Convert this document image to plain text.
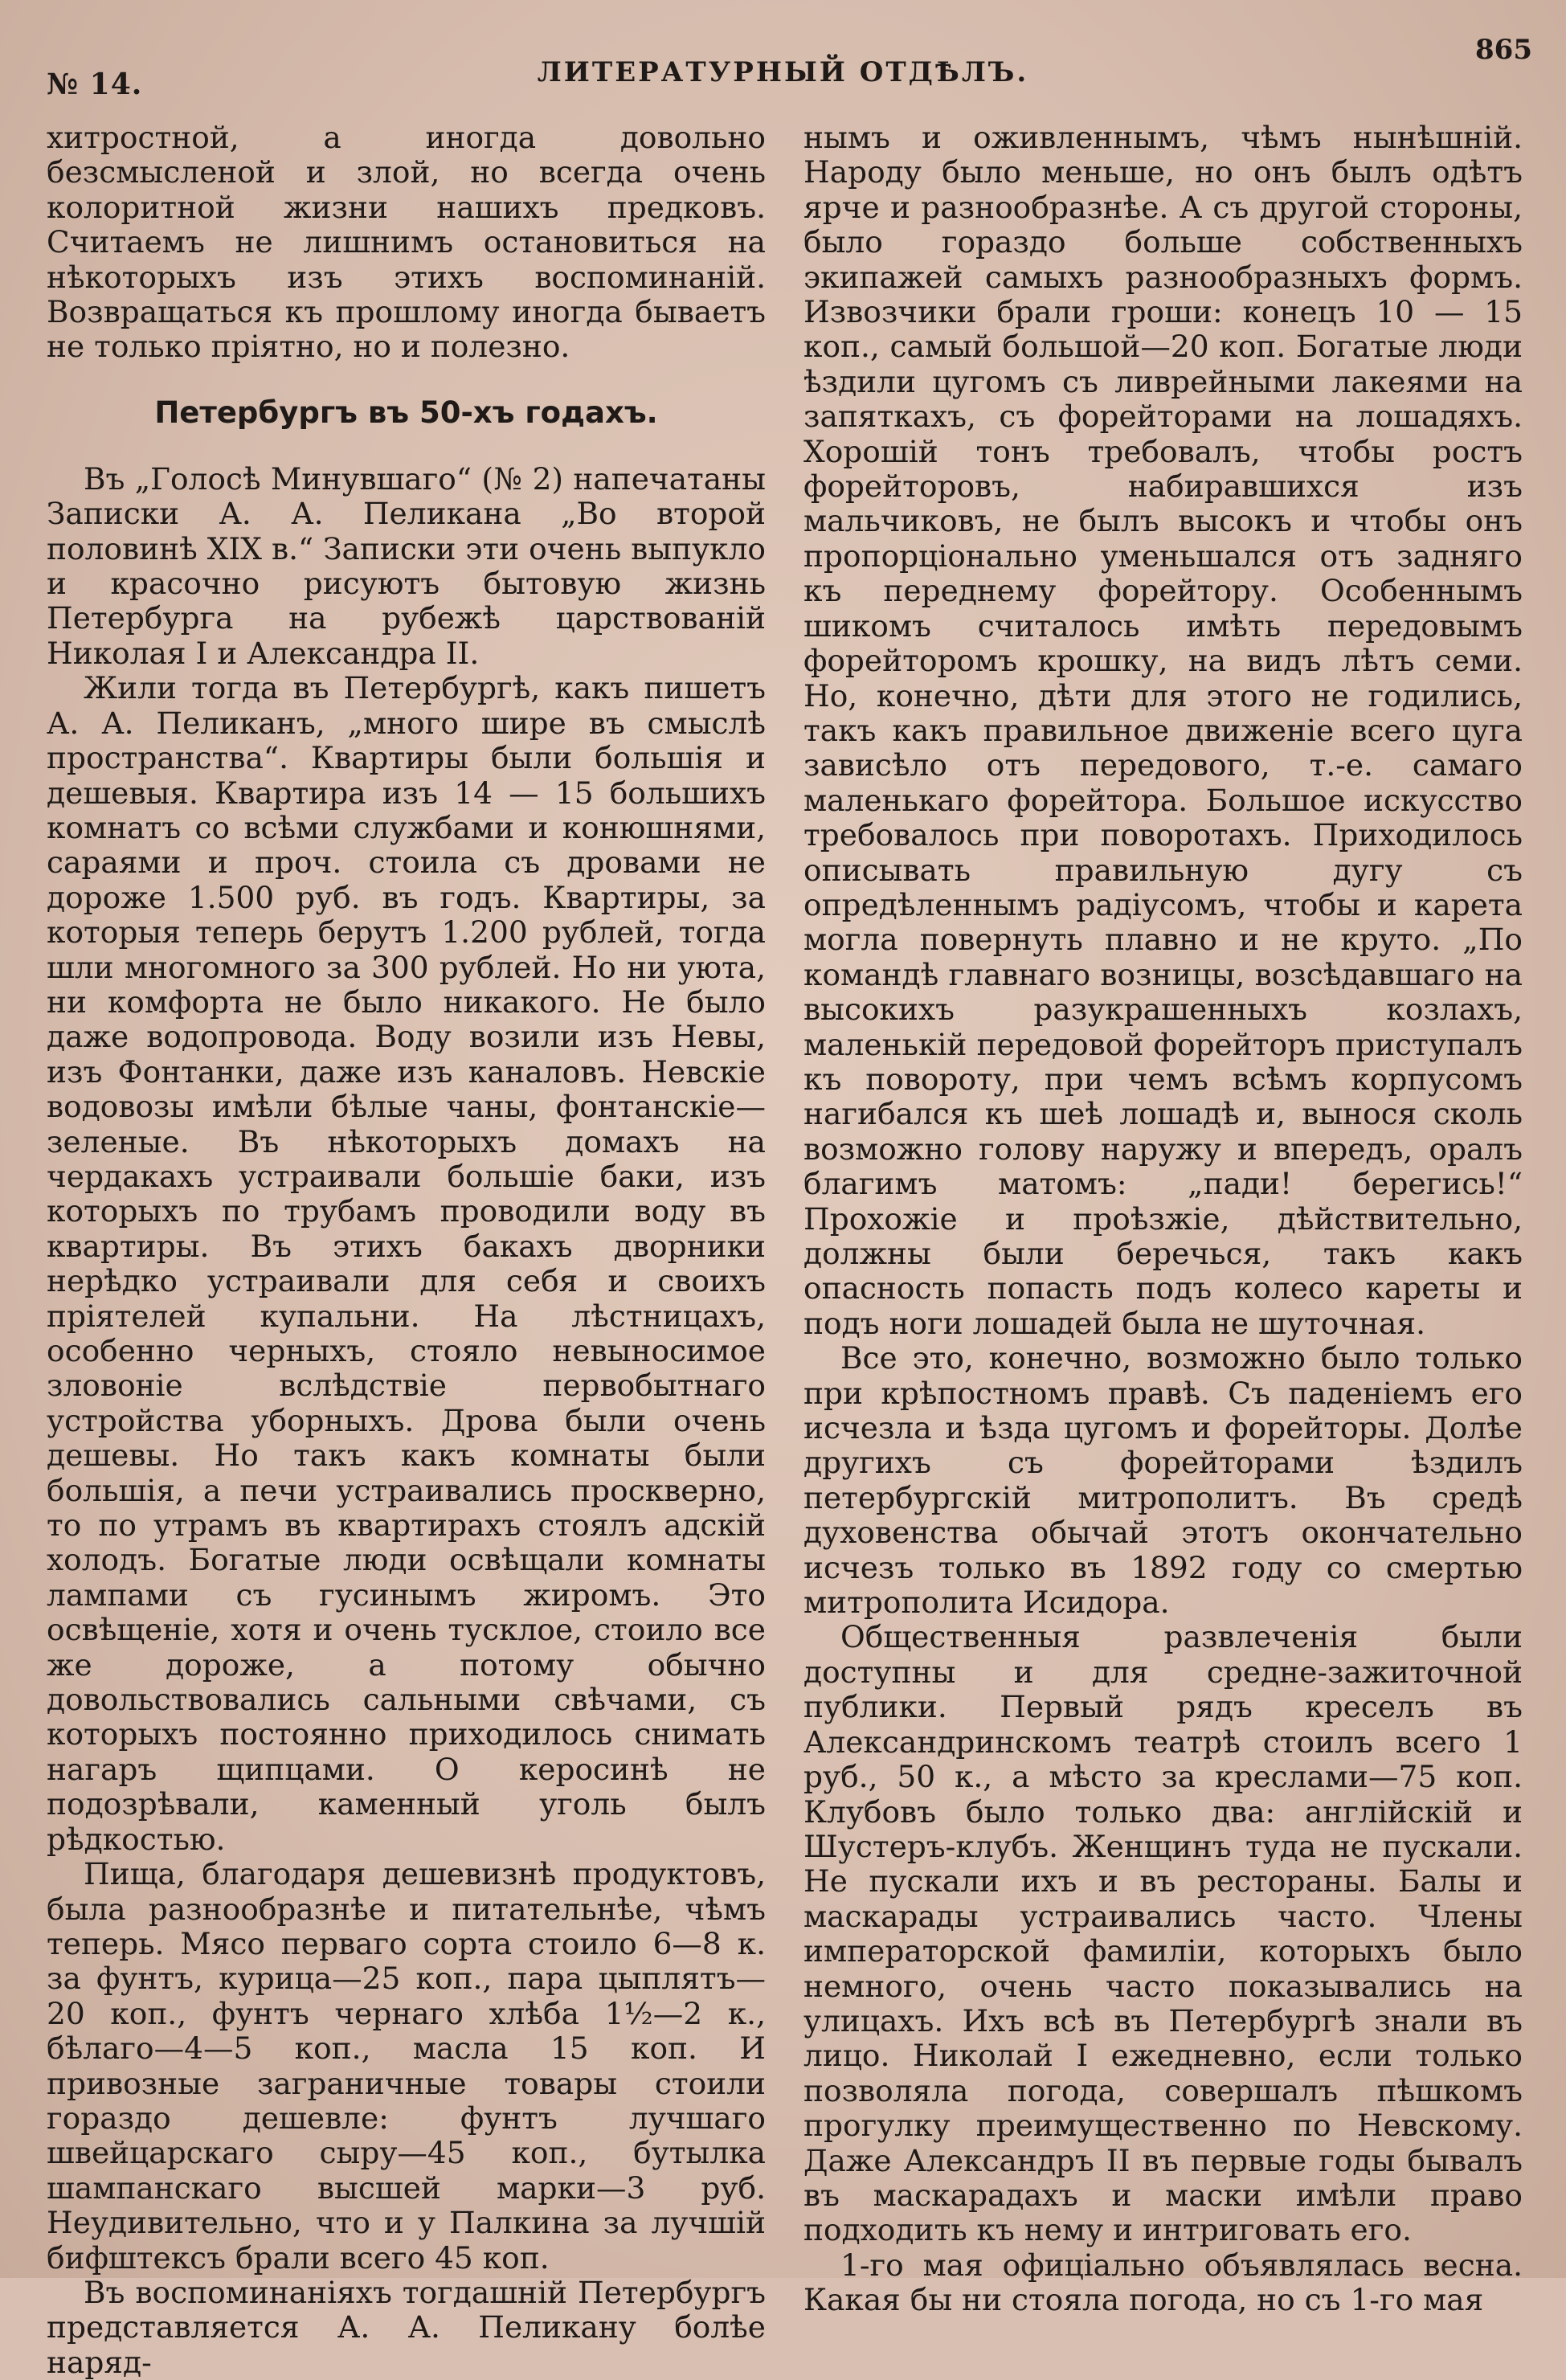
№ 14.	ЛИТЕРАТУРНЫЙ ОТДѢЛЪ.
865

хитростной, а иногда довольно безсмысленой и злой, но всегда очень колоритной жизни нашихъ предковъ. Считаемъ не лишнимъ остановиться на нѣкоторыхъ изъ этихъ воспоминаній. Возвращаться къ прошлому иногда бываетъ не только пріятно, но и полезно.

Петербургъ въ 50-хъ годахъ.

Въ „Голосѣ Минувшаго“ (№ 2) напечатаны Записки А. А. Пеликана „Во второй половинѣ XIX в.“ Записки эти очень выпукло и красочно рисуютъ бытовую жизнь Петербурга на рубежѣ царствованій Николая I и Александра II.

Жили тогда въ Петербургѣ, какъ пишетъ А. А. Пеликанъ, „много шире въ смыслѣ пространства“. Квартиры были большія и дешевыя. Квартира изъ 14 — 15 большихъ комнатъ со всѣми службами и конюшнями, сараями и проч. стоила съ дровами не дороже 1.500 руб. въ годъ. Квартиры, за которыя теперь берутъ 1.200 рублей, тогда шли многомного за 300 рублей. Но ни уюта, ни комфорта не было никакого. Не было даже водопровода. Воду возили изъ Невы, изъ Фонтанки, даже изъ каналовъ. Невскіе водовозы имѣли бѣлые чаны, фонтанскіе—зеленые. Въ нѣкоторыхъ домахъ на чердакахъ устраивали большіе баки, изъ которыхъ по трубамъ проводили воду въ квартиры. Въ этихъ бакахъ дворники нерѣдко устраивали для себя и своихъ пріятелей купальни. На лѣстницахъ, особенно черныхъ, стояло невыносимое зловоніе вслѣдствіе первобытнаго устройства уборныхъ. Дрова были очень дешевы. Но такъ какъ комнаты были большія, а печи устраивались проскверно, то по утрамъ въ квартирахъ стоялъ адскій холодъ. Богатые люди освѣщали комнаты лампами съ гусинымъ жиромъ. Это освѣщеніе, хотя и очень тусклое, стоило все же дороже, а потому обычно довольствовались сальными свѣчами, съ которыхъ постоянно приходилось снимать нагаръ щипцами. О керосинѣ не подозрѣвали, каменный уголь былъ рѣдкостью.

Пища, благодаря дешевизнѣ продуктовъ, была разнообразнѣе и питательнѣе, чѣмъ теперь. Мясо перваго сорта стоило 6—8 к. за фунтъ, курица—25 коп., пара цыплятъ—20 коп., фунтъ чернаго хлѣба 1½—2 к., бѣлаго—4—5 коп., масла 15 коп. И привозные заграничные товары стоили гораздо дешевле: фунтъ лучшаго швейцарскаго сыру—45 коп., бутылка шампанскаго высшей марки—3 руб. Неудивительно, что и у Палкина за лучшій бифштексъ брали всего 45 коп.

Въ воспоминаніяхъ тогдашній Петербургъ представляется А. А. Пеликану болѣе наряд-

нымъ и оживленнымъ, чѣмъ нынѣшній. Народу было меньше, но онъ былъ одѣтъ ярче и разнообразнѣе. А съ другой стороны, было гораздо больше собственныхъ экипажей самыхъ разнообразныхъ формъ. Извозчики брали гроши: конецъ 10 — 15 коп., самый большой—20 коп. Богатые люди ѣздили цугомъ съ ливрейными лакеями на запяткахъ, съ форейторами на лошадяхъ. Хорошій тонъ требовалъ, чтобы ростъ форейторовъ, набиравшихся изъ мальчиковъ, не былъ высокъ и чтобы онъ пропорціонально уменьшался отъ задняго къ переднему форейтору. Особеннымъ шикомъ считалось имѣть передовымъ форейторомъ крошку, на видъ лѣтъ семи. Но, конечно, дѣти для этого не годились, такъ какъ правильное движеніе всего цуга зависѣло отъ передового, т.-е. самаго маленькаго форейтора. Большое искусство требовалось при поворотахъ. Приходилось описывать правильную дугу съ опредѣленнымъ радіусомъ, чтобы и карета могла повернуть плавно и не круто. „По командѣ главнаго возницы, возсѣдавшаго на высокихъ разукрашенныхъ козлахъ, маленькій передовой форейторъ приступалъ къ повороту, при чемъ всѣмъ корпусомъ нагибался къ шеѣ лошадѣ и, вынося сколь возможно голову наружу и впередъ, оралъ благимъ матомъ: „пади! берегись!“ Прохожіе и проѣзжіе, дѣйствительно, должны были беречься, такъ какъ опасность попасть подъ колесо кареты и подъ ноги лошадей была не шуточная.

Все это, конечно, возможно было только при крѣпостномъ правѣ. Съ паденіемъ его исчезла и ѣзда цугомъ и форейторы. Долѣе другихъ съ форейторами ѣздилъ петербургскій митрополитъ. Въ средѣ духовенства обычай этотъ окончательно исчезъ только въ 1892 году со смертью митрополита Исидора.

Общественныя развлеченія были доступны и для средне-зажиточной публики. Первый рядъ креселъ въ Александринскомъ театрѣ стоилъ всего 1 руб., 50 к., а мѣсто за креслами—75 коп. Клубовъ было только два: англійскій и Шустеръ-клубъ. Женщинъ туда не пускали. Не пускали ихъ и въ рестораны. Балы и маскарады устраивались часто. Члены императорской фамиліи, которыхъ было немного, очень часто показывались на улицахъ. Ихъ всѣ въ Петербургѣ знали въ лицо. Николай I ежедневно, если только позволяла погода, совершалъ пѣшкомъ прогулку преимущественно по Невскому. Даже Александръ II въ первые годы бывалъ въ маскарадахъ и маски имѣли право подходить къ нему и интриговать его.

1-го мая офиціально объявлялась весна. Какая бы ни стояла погода, но съ 1-го мая
